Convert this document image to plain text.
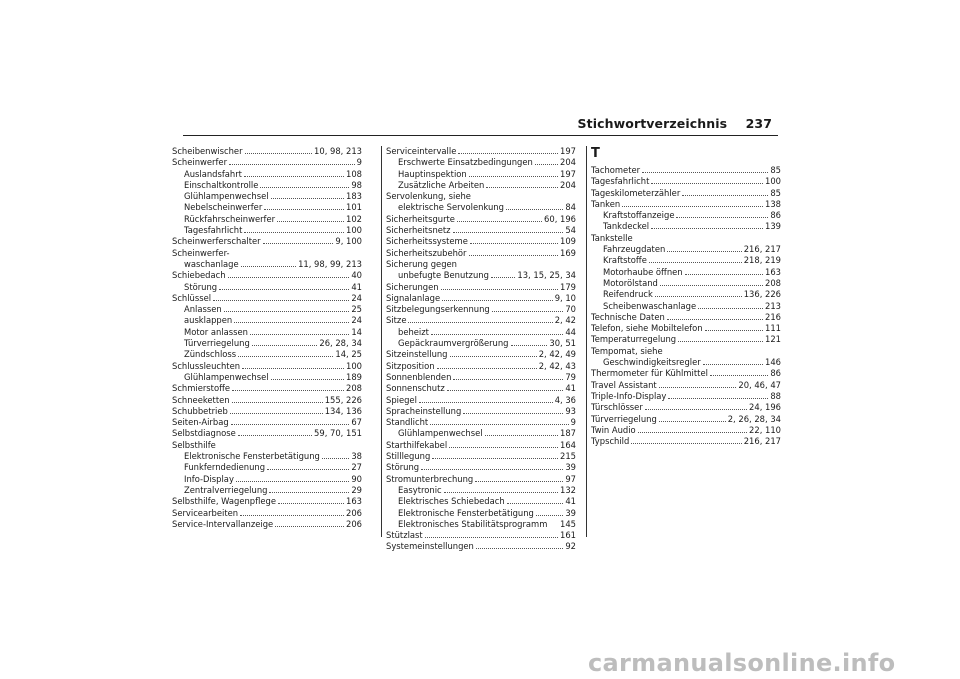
Stichwortverzeichnis 237
Scheibenwischer	10, 98, 213
Scheinwerfer	9
Auslandsfahrt	108
Einschaltkontrolle	98
Glühlampenwechsel	183
Nebelscheinwerfer	101
Rückfahrscheinwerfer	102
Tagesfahrlicht	100
Scheinwerferschalter	9, 100
Scheinwerfer-
waschanlage	11, 98, 99, 213
Schiebedach	40
Störung	41
Schlüssel	24
Anlassen	25
ausklappen	24
Motor anlassen	14
Türverriegelung	26, 28, 34
Zündschloss	14, 25
Schlussleuchten	100
Glühlampenwechsel	189
Schmierstoffe	208
Schneeketten	155, 226
Schubbetrieb	134, 136
Seiten-Airbag	67
Selbstdiagnose	59, 70, 151
Selbsthilfe
Elektronische Fensterbetätigung	38
Funkferndedienung	27
Info-Display	90
Zentralverriegelung	29
Selbsthilfe, Wagenpflege	163
Servicearbeiten	206
Service-Intervallanzeige	206
Serviceintervalle	197
Erschwerte Einsatzbedingungen	204
Hauptinspektion	197
Zusätzliche Arbeiten	204
Servolenkung, siehe
elektrische Servolenkung	84
Sicherheitsgurte	60, 196
Sicherheitsnetz	54
Sicherheitssysteme	109
Sicherheitszubehör	169
Sicherung gegen
unbefugte Benutzung	13, 15, 25, 34
Sicherungen	179
Signalanlage	9, 10
Sitzbelegungserkennung	70
Sitze	2, 42
beheizt	44
Gepäckraumvergrößerung	30, 51
Sitzeinstellung	2, 42, 49
Sitzposition	2, 42, 43
Sonnenblenden	79
Sonnenschutz	41
Spiegel	4, 36
Spracheinstellung	93
Standlicht	9
Glühlampenwechsel	187
Starthilfekabel	164
Stilllegung	215
Störung	39
Stromunterbrechung	97
Easytronic	132
Elektrisches Schiebedach	41
Elektronische Fensterbetätigung	39
Elektronisches Stabilitätsprogramm 145
Stützlast	161
Systemeinstellungen	92
T
Tachometer	85
Tagesfahrlicht	100
Tageskilometerzähler	85
Tanken	138
Kraftstoffanzeige	86
Tankdeckel	139
Tankstelle
Fahrzeugdaten	216, 217
Kraftstoffe	218, 219
Motorhaube öffnen	163
Motorölstand	208
Reifendruck	136, 226
Scheibenwaschanlage	213
Technische Daten	216
Telefon, siehe Mobiltelefon	111
Temperaturregelung	121
Tempomat, siehe
Geschwindigkeitsregler	146
Thermometer für Kühlmittel	86
Travel Assistant	20, 46, 47
Triple-Info-Display	88
Türschlösser	24, 196
Türverriegelung	2, 26, 28, 34
Twin Audio	22, 110
Typschild	216, 217
carmanualsonline.info
